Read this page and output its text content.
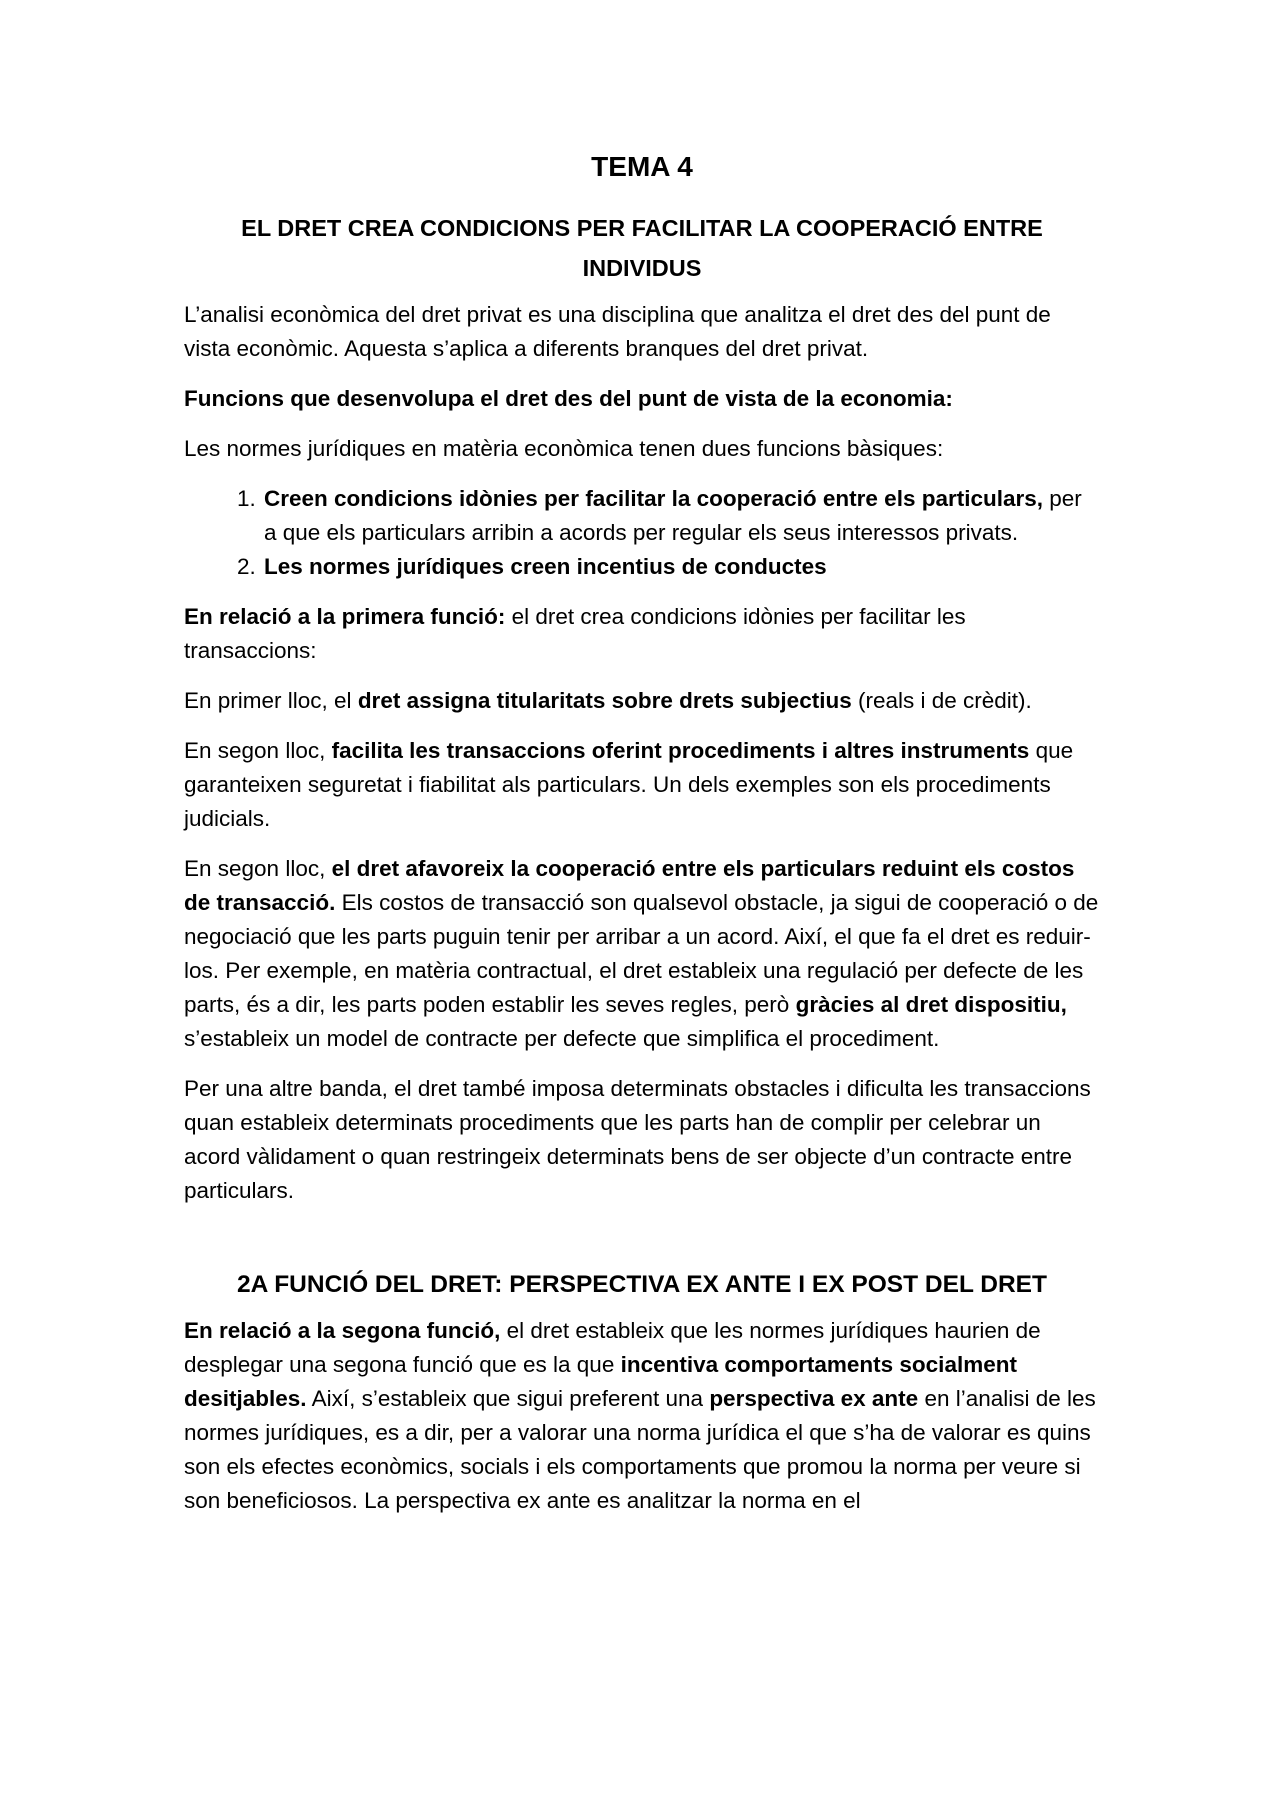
TEMA 4
EL DRET CREA CONDICIONS PER FACILITAR LA COOPERACIÓ ENTRE INDIVIDUS

L’analisi econòmica del dret privat es una disciplina que analitza el dret des del punt de vista econòmic. Aquesta s’aplica a diferents branques del dret privat.

Funcions que desenvolupa el dret des del punt de vista de la economia:

Les normes jurídiques en matèria econòmica tenen dues funcions bàsiques:

1. Creen condicions idònies per facilitar la cooperació entre els particulars, per a que els particulars arribin a acords per regular els seus interessos privats.
2. Les normes jurídiques creen incentius de conductes

En relació a la primera funció: el dret crea condicions idònies per facilitar les transaccions:

En primer lloc, el dret assigna titularitats sobre drets subjectius (reals i de crèdit).

En segon lloc, facilita les transaccions oferint procediments i altres instruments que garanteixen seguretat i fiabilitat als particulars. Un dels exemples son els procediments judicials.

En segon lloc, el dret afavoreix la cooperació entre els particulars reduint els costos de transacció. Els costos de transacció son qualsevol obstacle, ja sigui de cooperació o de negociació que les parts puguin tenir per arribar a un acord. Així, el que fa el dret es reduir-los. Per exemple, en matèria contractual, el dret estableix una regulació per defecte de les parts, és a dir, les parts poden establir les seves regles, però gràcies al dret dispositiu, s’estableix un model de contracte per defecte que simplifica el procediment.

Per una altre banda, el dret també imposa determinats obstacles i dificulta les transaccions quan estableix determinats procediments que les parts han de complir per celebrar un acord vàlidament o quan restringeix determinats bens de ser objecte d’un contracte entre particulars.

2A FUNCIÓ DEL DRET: PERSPECTIVA EX ANTE I EX POST DEL DRET

En relació a la segona funció, el dret estableix que les normes jurídiques haurien de desplegar una segona funció que es la que incentiva comportaments socialment desitjables. Així, s’estableix que sigui preferent una perspectiva ex ante en l’analisi de les normes jurídiques, es a dir, per a valorar una norma jurídica el que s’ha de valorar es quins son els efectes econòmics, socials i els comportaments que promou la norma per veure si son beneficiosos. La perspectiva ex ante es analitzar la norma en el
